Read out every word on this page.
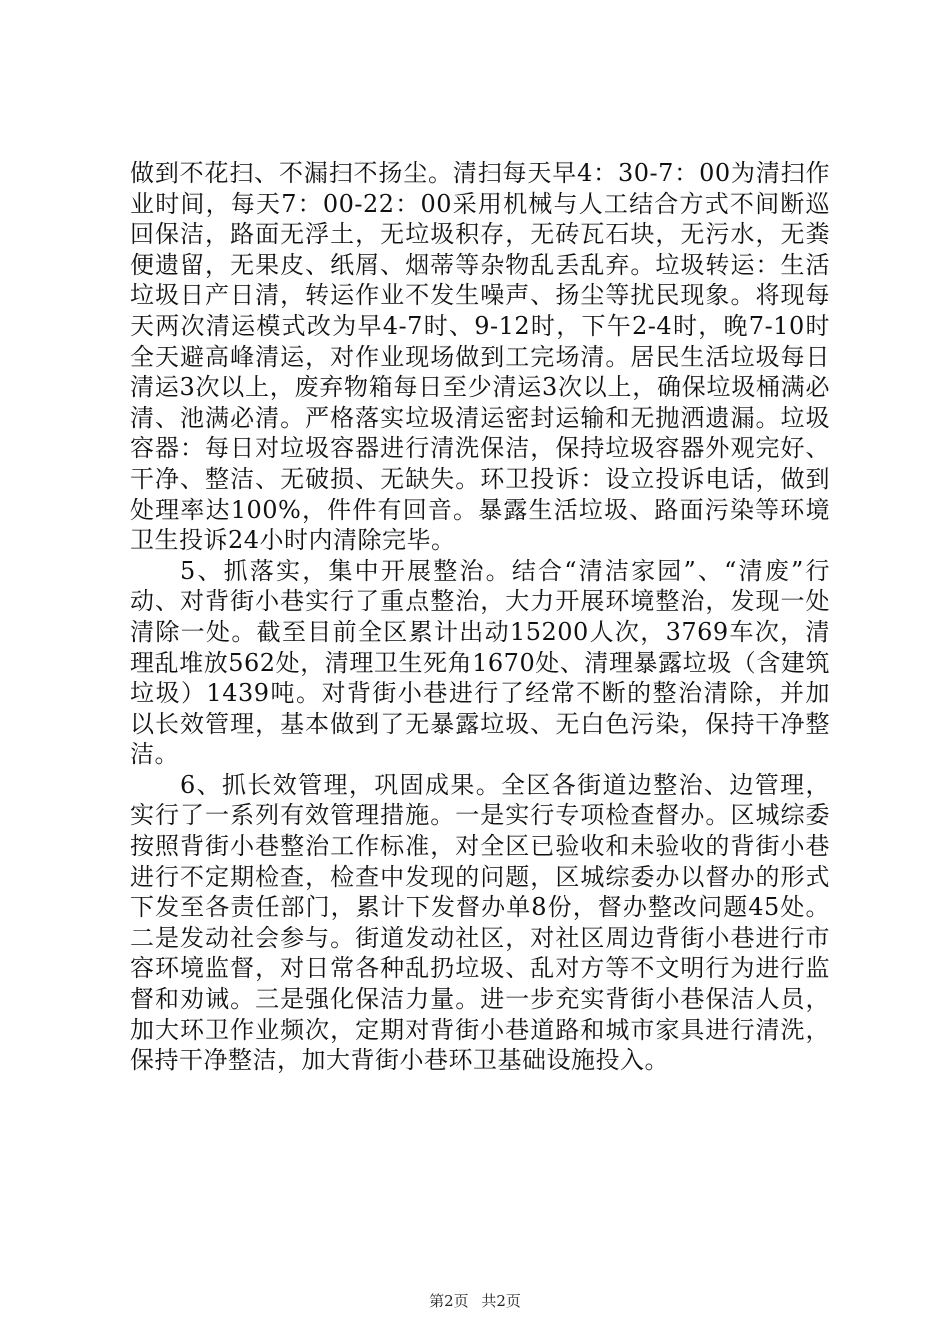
做到不花扫、不漏扫不扬尘。清扫每天早4：30-7：00为清扫作业时间，每天7：00-22：00采用机械与人工结合方式不间断巡回保洁，路面无浮土，无垃圾积存，无砖瓦石块，无污水，无粪便遗留，无果皮、纸屑、烟蒂等杂物乱丢乱弃。垃圾转运：生活垃圾日产日清，转运作业不发生噪声、扬尘等扰民现象。将现每天两次清运模式改为早4-7时、9-12时，下午2-4时，晚7-10时全天避高峰清运，对作业现场做到工完场清。居民生活垃圾每日清运3次以上，废弃物箱每日至少清运3次以上，确保垃圾桶满必清、池满必清。严格落实垃圾清运密封运输和无抛洒遗漏。垃圾容器：每日对垃圾容器进行清洗保洁，保持垃圾容器外观完好、干净、整洁、无破损、无缺失。环卫投诉：设立投诉电话，做到处理率达100%，件件有回音。暴露生活垃圾、路面污染等环境卫生投诉24小时内清除完毕。

5、抓落实，集中开展整治。结合“清洁家园”、“清废”行动、对背街小巷实行了重点整治，大力开展环境整治，发现一处清除一处。截至目前全区累计出动15200人次，3769车次，清理乱堆放562处，清理卫生死角1670处、清理暴露垃圾（含建筑垃圾）1439吨。对背街小巷进行了经常不断的整治清除，并加以长效管理，基本做到了无暴露垃圾、无白色污染，保持干净整洁。

6、抓长效管理，巩固成果。全区各街道边整治、边管理，实行了一系列有效管理措施。一是实行专项检查督办。区城综委按照背街小巷整治工作标准，对全区已验收和未验收的背街小巷进行不定期检查，检查中发现的问题，区城综委办以督办的形式下发至各责任部门，累计下发督办单8份，督办整改问题45处。二是发动社会参与。街道发动社区，对社区周边背街小巷进行市容环境监督，对日常各种乱扔垃圾、乱对方等不文明行为进行监督和劝诫。三是强化保洁力量。进一步充实背街小巷保洁人员，加大环卫作业频次，定期对背街小巷道路和城市家具进行清洗，保持干净整洁，加大背街小巷环卫基础设施投入。

第2页 共2页
